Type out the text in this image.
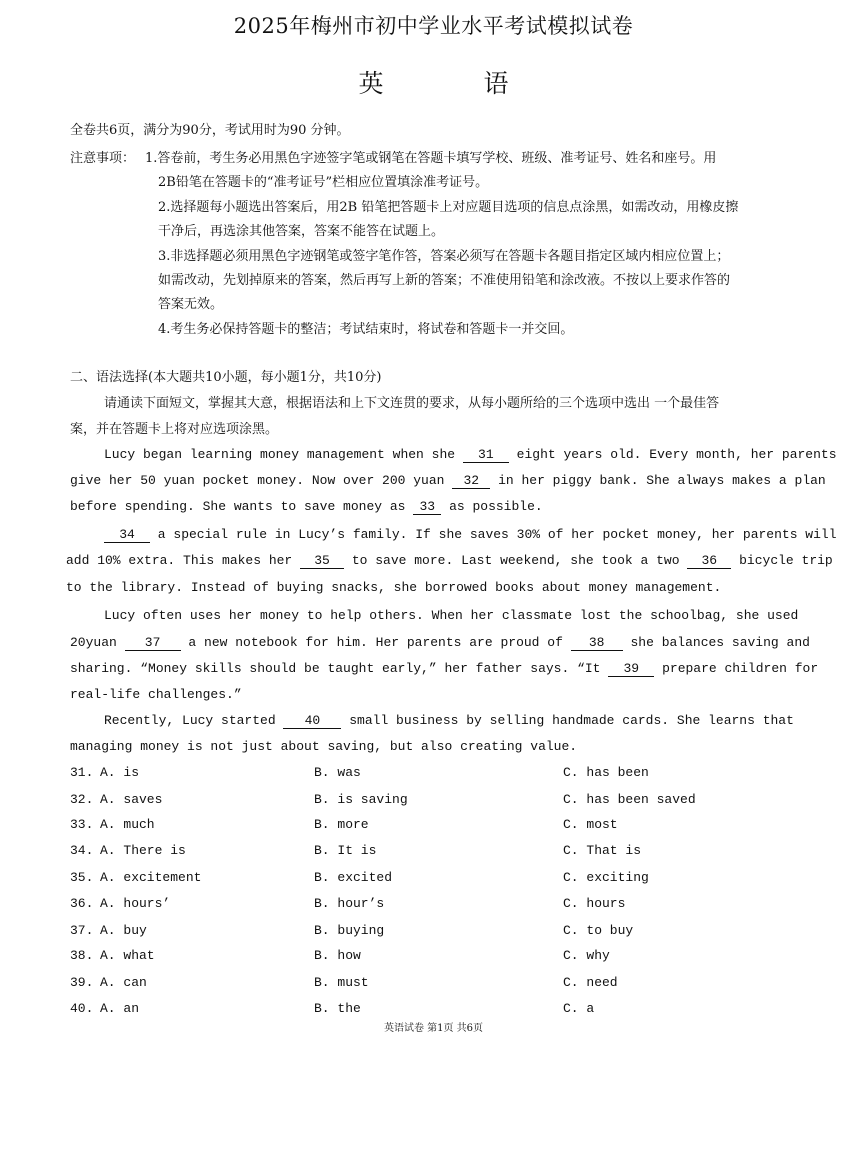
2025年梅州市初中学业水平考试模拟试卷
英	语
全卷共6页，满分为90分，考试用时为90 分钟。
注意事项： 1.答卷前，考生务必用黑色字迹签字笔或钢笔在答题卡填写学校、班级、准考证号、姓名和座号。用
2B铅笔在答题卡的“准考证号”栏相应位置填涂准考证号。
2.选择题每小题选出答案后，用2B 铅笔把答题卡上对应题目选项的信息点涂黑，如需改动，用橡皮擦
干净后，再选涂其他答案，答案不能答在试题上。
3.非选择题必须用黑色字迹钢笔或签字笔作答，答案必须写在答题卡各题目指定区域内相应位置上；
如需改动，先划掉原来的答案，然后再写上新的答案；不准使用铅笔和涂改液。不按以上要求作答的
答案无效。
4.考生务必保持答题卡的整洁；考试结束时，将试卷和答题卡一并交回。
二、语法选择(本大题共10小题，每小题1分，共10分)
请通读下面短文，掌握其大意，根据语法和上下文连贯的要求，从每小题所给的三个选项中选出 一个最佳答
案，并在答题卡上将对应选项涂黑。
Lucy began learning money management when she 31 eight years old. Every month, her parents
give her 50 yuan pocket money. Now over 200 yuan 32 in her piggy bank. She always makes a plan
before spending. She wants to save money as 33 as possible.
34 a special rule in Lucy’s family. If she saves 30% of her pocket money, her parents will
add 10% extra. This makes her 35 to save more. Last weekend, she took a two 36 bicycle trip
to the library. Instead of buying snacks, she borrowed books about money management.
Lucy often uses her money to help others. When her classmate lost the schoolbag, she used
20yuan 37 a new notebook for him. Her parents are proud of 38 she balances saving and
sharing. “Money skills should be taught early,” her father says. “It 39 prepare children for
real-life challenges.”
Recently, Lucy started 40 small business by selling handmade cards. She learns that
managing money is not just about saving, but also creating value.
31. A. is	B. was	C. has been
32. A. saves	B. is saving	C. has been saved
33. A. much	B. more	C. most
34. A. There is	B. It is	C. That is
35. A. excitement	B. excited	C. exciting
36. A. hours’	B. hour’s	C. hours
37. A. buy	B. buying	C. to buy
38. A. what	B. how	C. why
39. A. can	B. must	C. need
40. A. an	B. the	C. a
英语试卷 第1页 共6页
